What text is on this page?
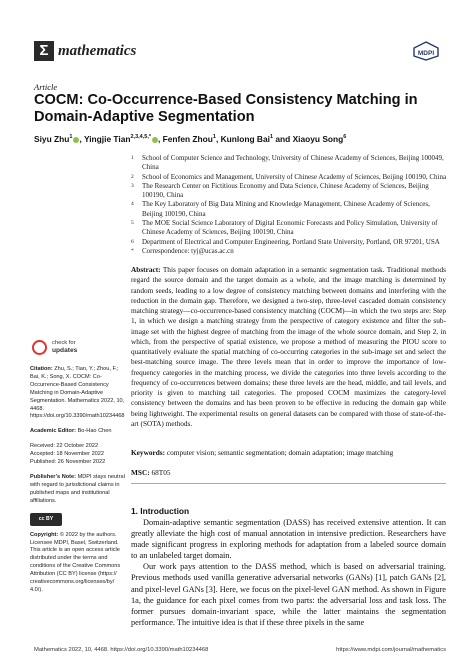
Σ mathematics	MDPI
Article
COCM: Co-Occurrence-Based Consistency Matching in Domain-Adaptive Segmentation
Siyu Zhu$^1$ , Yingjie Tian$^{2,3,4,5,*}$ , Fenfen Zhou$^1$, Kunlong Bai$^1$ and Xiaoyu Song$^6$
1	School of Computer Science and Technology, University of Chinese Academy of Sciences, Beijing 100049, China
2	School of Economics and Management, University of Chinese Academy of Sciences, Beijing 100190, China
3	The Research Center on Fictitious Economy and Data Science, Chinese Academy of Sciences, Beijing 100190, China
4	The Key Laboratory of Big Data Mining and Knowledge Management, Chinese Academy of Sciences, Beijing 100190, China
5	The MOE Social Science Laboratory of Digital Economic Forecasts and Policy Simulation, University of Chinese Academy of Sciences, Beijing 100190, China
6	Department of Electrical and Computer Engineering, Portland State University, Portland, OR 97201, USA
*	Correspondence: tyj@ucas.ac.cn
Abstract: This paper focuses on domain adaptation in a semantic segmentation task. Traditional methods regard the source domain and the target domain as a whole, and the image matching is determined by random seeds, leading to a low degree of consistency matching between domains and interfering with the reduction in the domain gap. Therefore, we designed a two-step, three-level cascaded domain consistency matching strategy—co-occurrence-based consistency matching (COCM)—in which the two steps are: Step 1, in which we design a matching strategy from the perspective of category existence and filter the sub-image set with the highest degree of matching from the image of the whole source domain, and Step 2, in which, from the perspective of spatial existence, we propose a method of measuring the PIOU score to quantitatively evaluate the spatial matching of co-occurring categories in the sub-image set and select the best-matching source image. The three levels mean that in order to improve the importance of low-frequency categories in the matching process, we divide the categories into three levels according to the frequency of co-occurrences between domains; these three levels are the head, middle, and tail levels, and priority is given to matching tail categories. The proposed COCM maximizes the category-level consistency between the domains and has been proven to be effective in reducing the domain gap while being lightweight. The experimental results on general datasets can be compared with those of state-of-the-art (SOTA) methods.
Keywords: computer vision; semantic segmentation; domain adaptation; image matching
MSC: 68T05
check for
updates

Citation: Zhu, S.; Tian, Y.; Zhou, F.; Bai, K.; Song, X. COCM: Co-Occurrence-Based Consistency Matching in Domain-Adaptive Segmentation. Mathematics 2022, 10, 4468. https://doi.org/10.3390/math10234468

Academic Editor: Bo-Hao Chen

Received: 22 October 2022
Accepted: 18 November 2022
Published: 26 November 2022

Publisher’s Note: MDPI stays neutral with regard to jurisdictional claims in published maps and institutional affiliations.

cc BY

Copyright: © 2022 by the authors. Licensee MDPI, Basel, Switzerland. This article is an open access article distributed under the terms and conditions of the Creative Commons Attribution (CC BY) license (https:// creativecommons.org/licenses/by/ 4.0/).

1. Introduction

Domain-adaptive semantic segmentation (DASS) has received extensive attention. It can greatly alleviate the high cost of manual annotation in intensive prediction. Researchers have made significant progress in exploring methods for adaptation from a labeled source domain to an unlabeled target domain.

Our work pays attention to the DASS method, which is based on adversarial training. Previous methods used vanilla generative adversarial networks (GANs) [1], patch GANs [2], and pixel-level GANs [3]. Here, we focus on the pixel-level GAN method. As shown in Figure 1a, the guidance for each pixel comes from two parts: the adversarial loss and task loss. The former pursues domain-invariant space, while the latter maintains the segmentation performance. The intuitive idea is that if these three pixels in the same

Mathematics 2022, 10, 4468. https://doi.org/10.3390/math10234468	https://www.mdpi.com/journal/mathematics
